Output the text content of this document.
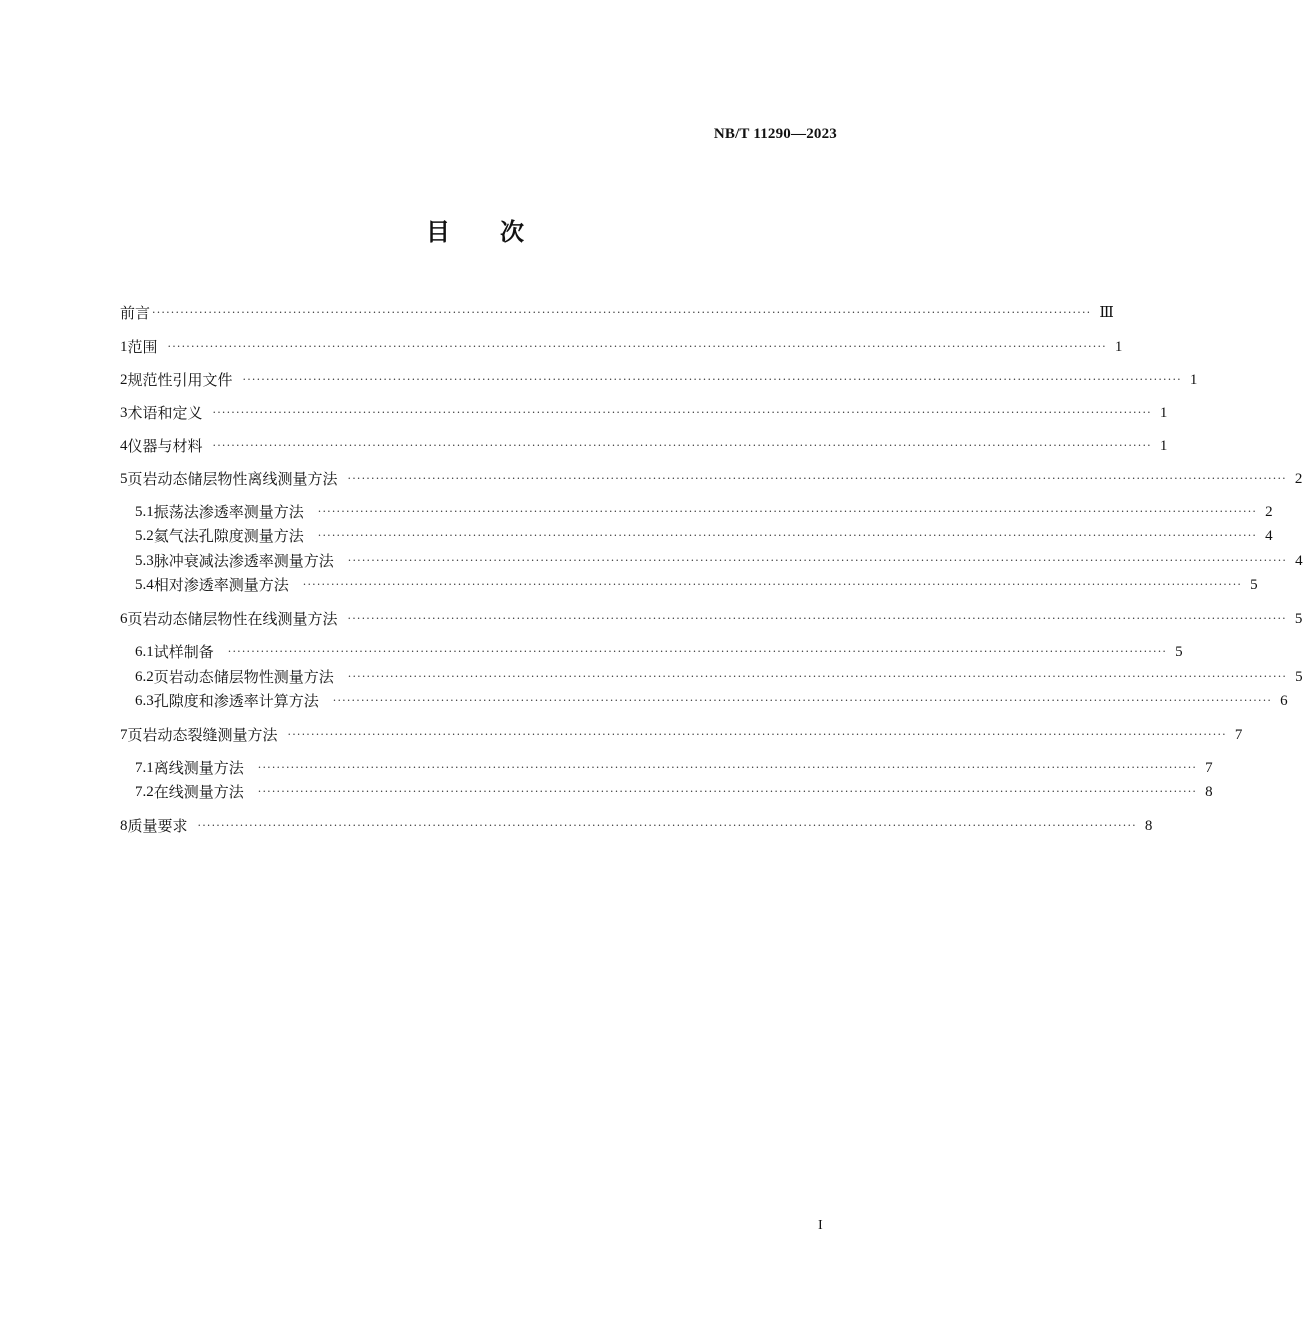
NB/T 11290—2023
目 次
前言 ········································································································································································································ Ⅲ
1 范围 ········································································································································································································ 1
2 规范性引用文件 ········································································································································································································ 1
3 术语和定义 ········································································································································································································ 1
4 仪器与材料 ········································································································································································································ 1
5 页岩动态储层物性离线测量方法 ········································································································································································································ 2
5.1 振荡法渗透率测量方法 ········································································································································································································ 2
5.2 氦气法孔隙度测量方法 ········································································································································································································ 4
5.3 脉冲衰减法渗透率测量方法 ········································································································································································································ 4
5.4 相对渗透率测量方法 ········································································································································································································ 5
6 页岩动态储层物性在线测量方法 ········································································································································································································ 5
6.1 试样制备 ········································································································································································································ 5
6.2 页岩动态储层物性测量方法 ········································································································································································································ 5
6.3 孔隙度和渗透率计算方法 ········································································································································································································ 6
7 页岩动态裂缝测量方法 ········································································································································································································ 7
7.1 离线测量方法 ········································································································································································································ 7
7.2 在线测量方法 ········································································································································································································ 8
8 质量要求 ········································································································································································································ 8
I
